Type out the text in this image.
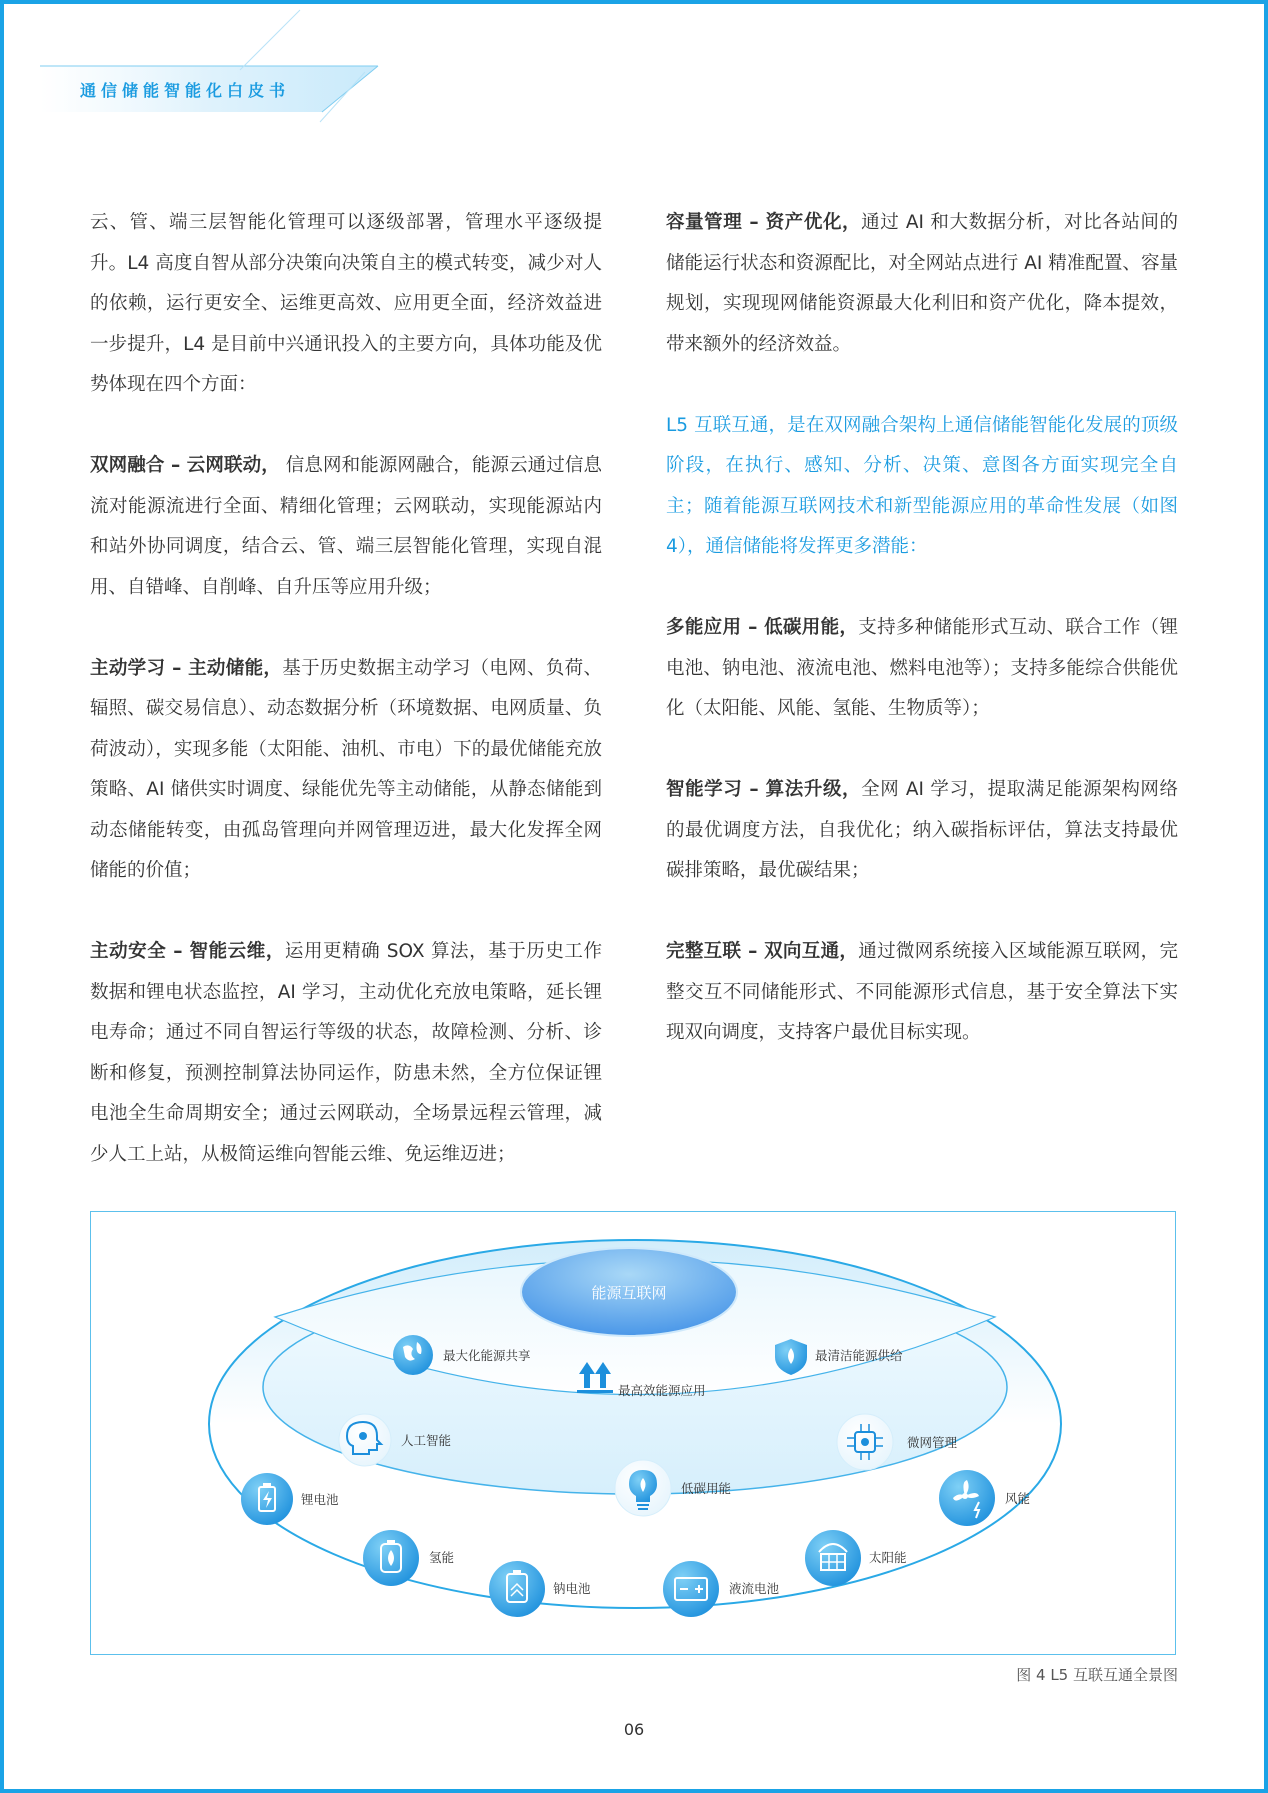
通信储能智能化白皮书

云、管、端三层智能化管理可以逐级部署，管理水平逐级提升。L4 高度自智从部分决策向决策自主的模式转变，减少对人的依赖，运行更安全、运维更高效、应用更全面，经济效益进一步提升，L4 是目前中兴通讯投入的主要方向，具体功能及优势体现在四个方面：

双网融合 – 云网联动， 信息网和能源网融合，能源云通过信息流对能源流进行全面、精细化管理；云网联动，实现能源站内和站外协同调度，结合云、管、端三层智能化管理，实现自混用、自错峰、自削峰、自升压等应用升级；

主动学习 – 主动储能，基于历史数据主动学习（电网、负荷、辐照、碳交易信息）、动态数据分析（环境数据、电网质量、负荷波动），实现多能（太阳能、油机、市电）下的最优储能充放策略、AI 储供实时调度、绿能优先等主动储能，从静态储能到动态储能转变，由孤岛管理向并网管理迈进，最大化发挥全网储能的价值；

主动安全 – 智能云维，运用更精确 SOX 算法，基于历史工作数据和锂电状态监控，AI 学习，主动优化充放电策略，延长锂电寿命；通过不同自智运行等级的状态，故障检测、分析、诊断和修复，预测控制算法协同运作，防患未然，全方位保证锂电池全生命周期安全；通过云网联动，全场景远程云管理，减少人工上站，从极简运维向智能云维、免运维迈进；

容量管理 – 资产优化，通过 AI 和大数据分析，对比各站间的储能运行状态和资源配比，对全网站点进行 AI 精准配置、容量规划，实现现网储能资源最大化利旧和资产优化，降本提效，带来额外的经济效益。

L5 互联互通，是在双网融合架构上通信储能智能化发展的顶级阶段，在执行、感知、分析、决策、意图各方面实现完全自主；随着能源互联网技术和新型能源应用的革命性发展（如图 4），通信储能将发挥更多潜能：

多能应用 – 低碳用能，支持多种储能形式互动、联合工作（锂电池、钠电池、液流电池、燃料电池等）；支持多能综合供能优化（太阳能、风能、氢能、生物质等）；

智能学习 – 算法升级，全网 AI 学习，提取满足能源架构网络的最优调度方法，自我优化；纳入碳指标评估，算法支持最优碳排策略，最优碳结果；

完整互联 – 双向互通，通过微网系统接入区域能源互联网，完整交互不同储能形式、不同能源形式信息，基于安全算法下实现双向调度，支持客户最优目标实现。

能源互联网
最大化能源共享	最清洁能源供给
最高效能源应用
人工智能	微网管理
低碳用能
锂电池	风能
氢能	太阳能
钠电池	液流电池
图 4 L5 互联互通全景图
06
